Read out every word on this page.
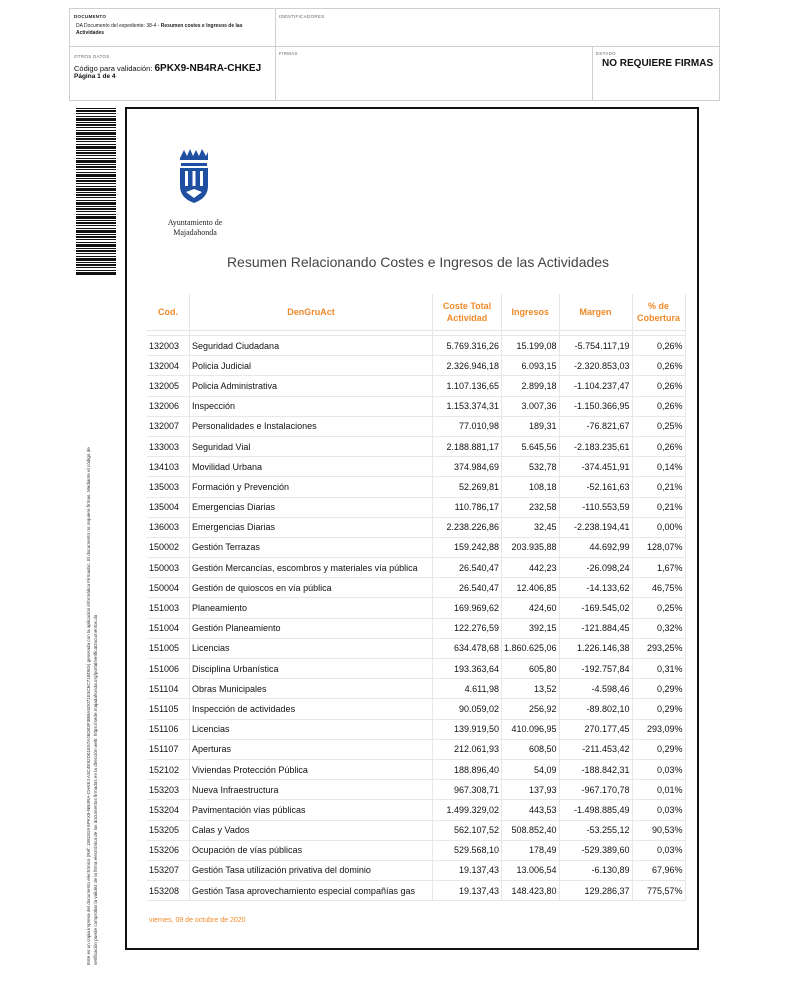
DOCUMENTO
DA Documento del expediente: 38-4 - Resumen costes e Ingresos de las Actividades
IDENTIFICADORES
OTROS DATOS
Código para validación: 6PKX9-NB4RA-CHKEJ
Página 1 de 4
FIRMAS	ESTADO
NO REQUIERE FIRMAS
Este es un copia impresa del documento electrónico (Ref: 1581819 6PKX9-NB4RA-CHKEJ A3C4E92D01E57A26D03F3BBA5D071E3C6C71BDE5) generada con la aplicación informática Firmadoc. El documento no requiere firmas. Mediante el código de verificación puede comprobar la validez de la firma electrónica de los documentos firmados en la dirección web: https://sede.majadahonda.org/portal/verificaDocumentos.do
Ayuntamiento de
Majadahonda
Resumen Relacionando Costes e Ingresos de las Actividades
Cod.	DenGruAct	Coste Total Actividad	Ingresos	Margen	% de Cobertura

132003	Seguridad Ciudadana	5.769.316,26	15.199,08	-5.754.117,19	0,26%
132004	Policia Judicial	2.326.946,18	6.093,15	-2.320.853,03	0,26%
132005	Policia Administrativa	1.107.136,65	2.899,18	-1.104.237,47	0,26%
132006	Inspección	1.153.374,31	3.007,36	-1.150.366,95	0,26%
132007	Personalidades e Instalaciones	77.010,98	189,31	-76.821,67	0,25%
133003	Seguridad Vial	2.188.881,17	5.645,56	-2.183.235,61	0,26%
134103	Movilidad Urbana	374.984,69	532,78	-374.451,91	0,14%
135003	Formación y Prevención	52.269,81	108,18	-52.161,63	0,21%
135004	Emergencias Diarias	110.786,17	232,58	-110.553,59	0,21%
136003	Emergencias Diarias	2.238.226,86	32,45	-2.238.194,41	0,00%
150002	Gestión Terrazas	159.242,88	203.935,88	44.692,99	128,07%
150003	Gestión Mercancías, escombros y materiales vía pública	26.540,47	442,23	-26.098,24	1,67%
150004	Gestión de quioscos en vía pública	26.540,47	12.406,85	-14.133,62	46,75%
151003	Planeamiento	169.969,62	424,60	-169.545,02	0,25%
151004	Gestión Planeamiento	122.276,59	392,15	-121.884,45	0,32%
151005	Licencias	634.478,68	1.860.625,06	1.226.146,38	293,25%
151006	Disciplina Urbanística	193.363,64	605,80	-192.757,84	0,31%
151104	Obras Municipales	4.611,98	13,52	-4.598,46	0,29%
151105	Inspección de actividades	90.059,02	256,92	-89.802,10	0,29%
151106	Licencias	139.919,50	410.096,95	270.177,45	293,09%
151107	Aperturas	212.061,93	608,50	-211.453,42	0,29%
152102	Viviendas Protección Pública	188.896,40	54,09	-188.842,31	0,03%
153203	Nueva Infraestructura	967.308,71	137,93	-967.170,78	0,01%
153204	Pavimentación vías públicas	1.499.329,02	443,53	-1.498.885,49	0,03%
153205	Calas y Vados	562.107,52	508.852,40	-53.255,12	90,53%
153206	Ocupación de vías públicas	529.568,10	178,49	-529.389,60	0,03%
153207	Gestión Tasa utilización privativa del dominio	19.137,43	13.006,54	-6.130,89	67,96%
153208	Gestión Tasa aprovechamiento especial compañías gas	19.137,43	148.423,80	129.286,37	775,57%
viernes, 09 de octubre de 2020
